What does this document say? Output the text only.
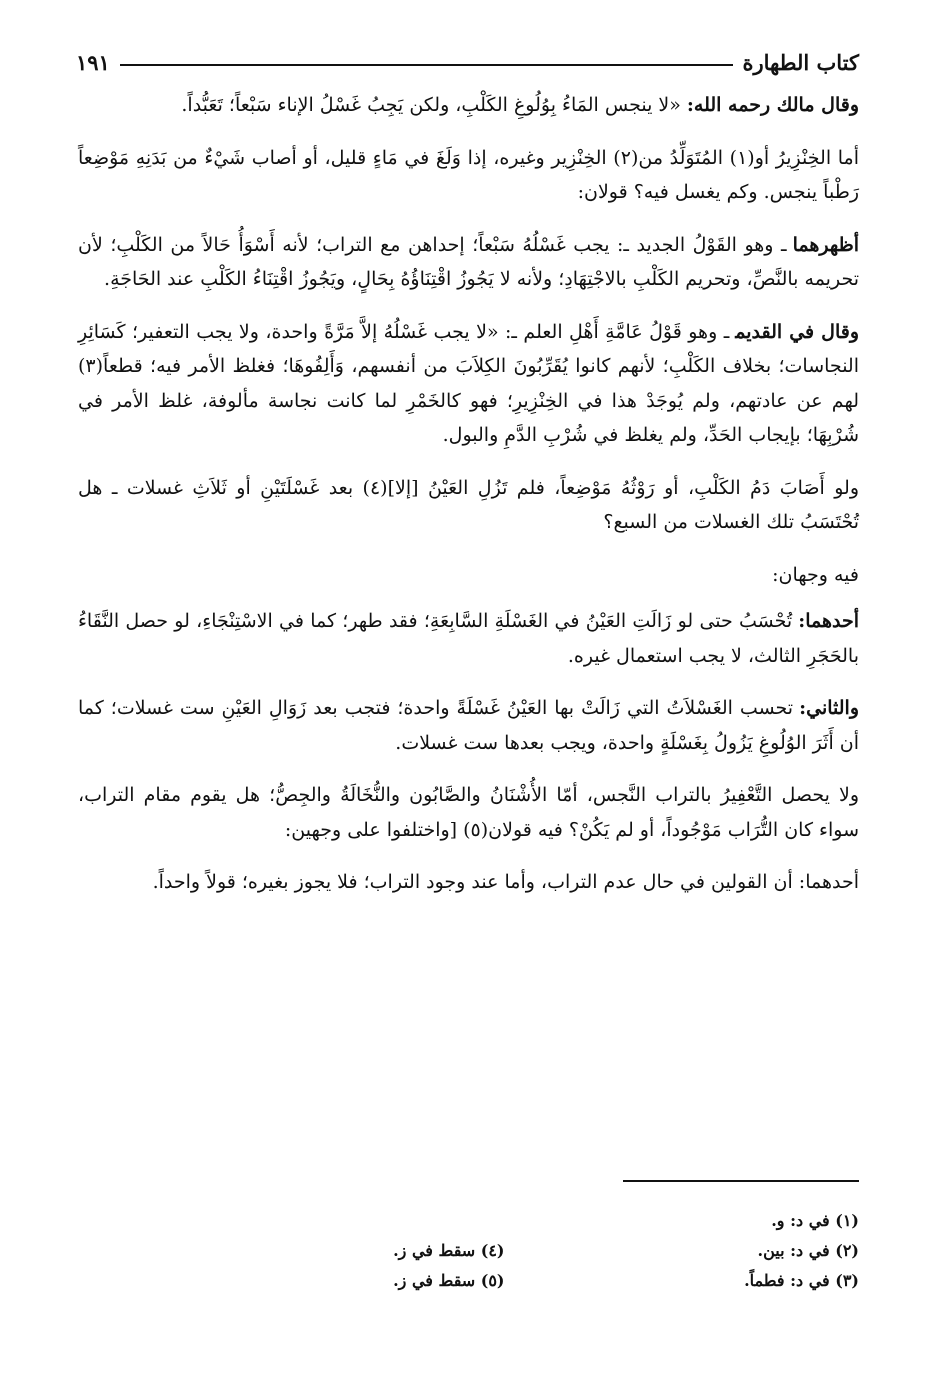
كتاب الطهارة
١٩١

وقال مالك رحمه الله:«لا ينجس المَاءُ بِوُلُوغِ الكَلْبِ، ولكن يَجِبُ غَسْلُ الإناء سَبْعاً؛ تَعَبُّداً.

أما الخِنْزِيرُ أو(١) المُتَوَلِّدُ من(٢) الخِنْزِير وغيره، إذا وَلَغَ في مَاءٍ قليل، أو أصاب شَيْءٌ من بَدَنِهِ مَوْضِعاً رَطْباً ينجس. وكم يغسل فيه؟ قولان:

أظهرهماـ وهو القَوْلُ الجديد ـ: يجب غَسْلُهُ سَبْعاً؛ إحداهن مع التراب؛ لأنه أَسْوَأُ حَالاً من الكَلْبِ؛ لأن تحريمه بالنَّصِّ، وتحريم الكَلْبِ بالاجْتِهَادِ؛ ولأنه لا يَجُوزُ اقْتِنَاؤُهُ بِحَالٍ، ويَجُوزُ اقْتِنَاءُ الكَلْبِ عند الحَاجَةِ.

وقال في القديمـ وهو قَوْلُ عَامَّةِ أَهْلِ العلم ـ: «لا يجب غَسْلُهُ إلاَّ مَرَّةً واحدة، ولا يجب التعفير؛ كَسَائِرِ النجاسات؛ بخلاف الكَلْبِ؛ لأنهم كانوا يُقَرِّبُونَ الكِلاَبَ من أنفسهم، وَأَلِفُوهَا؛ فغلظ الأمر فيه؛ قطعاً(٣) لهم عن عادتهم، ولم يُوجَدْ هذا في الخِنْزِيرِ؛ فهو كالخَمْرِ لما كانت نجاسة مألوفة، غلظ الأمر في شُرْبِهَا؛ بإيجاب الحَدِّ، ولم يغلظ في شُرْبِ الدَّمِ والبول.

ولو أَصَابَ دَمُ الكَلْبِ، أو رَوْثُهُ مَوْضِعاً، فلم تَزُلِ العَيْنُ [إلا](٤) بعد غَسْلَتَيْنِ أو ثَلاَثِ غسلات ـ هل تُحْتَسَبُ تلك الغسلات من السبع؟

فيه وجهان:

أحدهما:تُحْسَبُ حتى لو زَالَتِ العَيْنُ في الغَسْلَةِ السَّابِعَةِ؛ فقد طهر؛ كما في الاسْتِنْجَاءِ، لو حصل النَّقَاءُ بالحَجَرِ الثالث، لا يجب استعمال غيره.

والثاني:تحسب الغَسْلاَتُ التي زَالَتْ بها العَيْنُ غَسْلَةً واحدة؛ فتجب بعد زَوَالِ العَيْنِ ست غسلات؛ كما أن أَثَرَ الوُلُوغِ يَزُولُ بِغَسْلَةٍ واحدة، ويجب بعدها ست غسلات.

ولا يحصل التَّعْفِيرُ بالتراب النَّجس، أمّا الأُشْنَانُ والصَّابُون والنُّخَالَةُ والجِصُّ؛ هل يقوم مقام التراب، سواء كان التُّرَاب مَوْجُوداً، أو لم يَكُنْ؟ فيه قولان(٥) [واختلفوا على وجهين:

أحدهما: أن القولين في حال عدم التراب، وأما عند وجود التراب؛ فلا يجوز بغيره؛ قولاً واحداً.

(١) في د: و.
(٢) في د: بين.
(٣) في د: فطماً.
(٤) سقط في ز.
(٥) سقط في ز.
